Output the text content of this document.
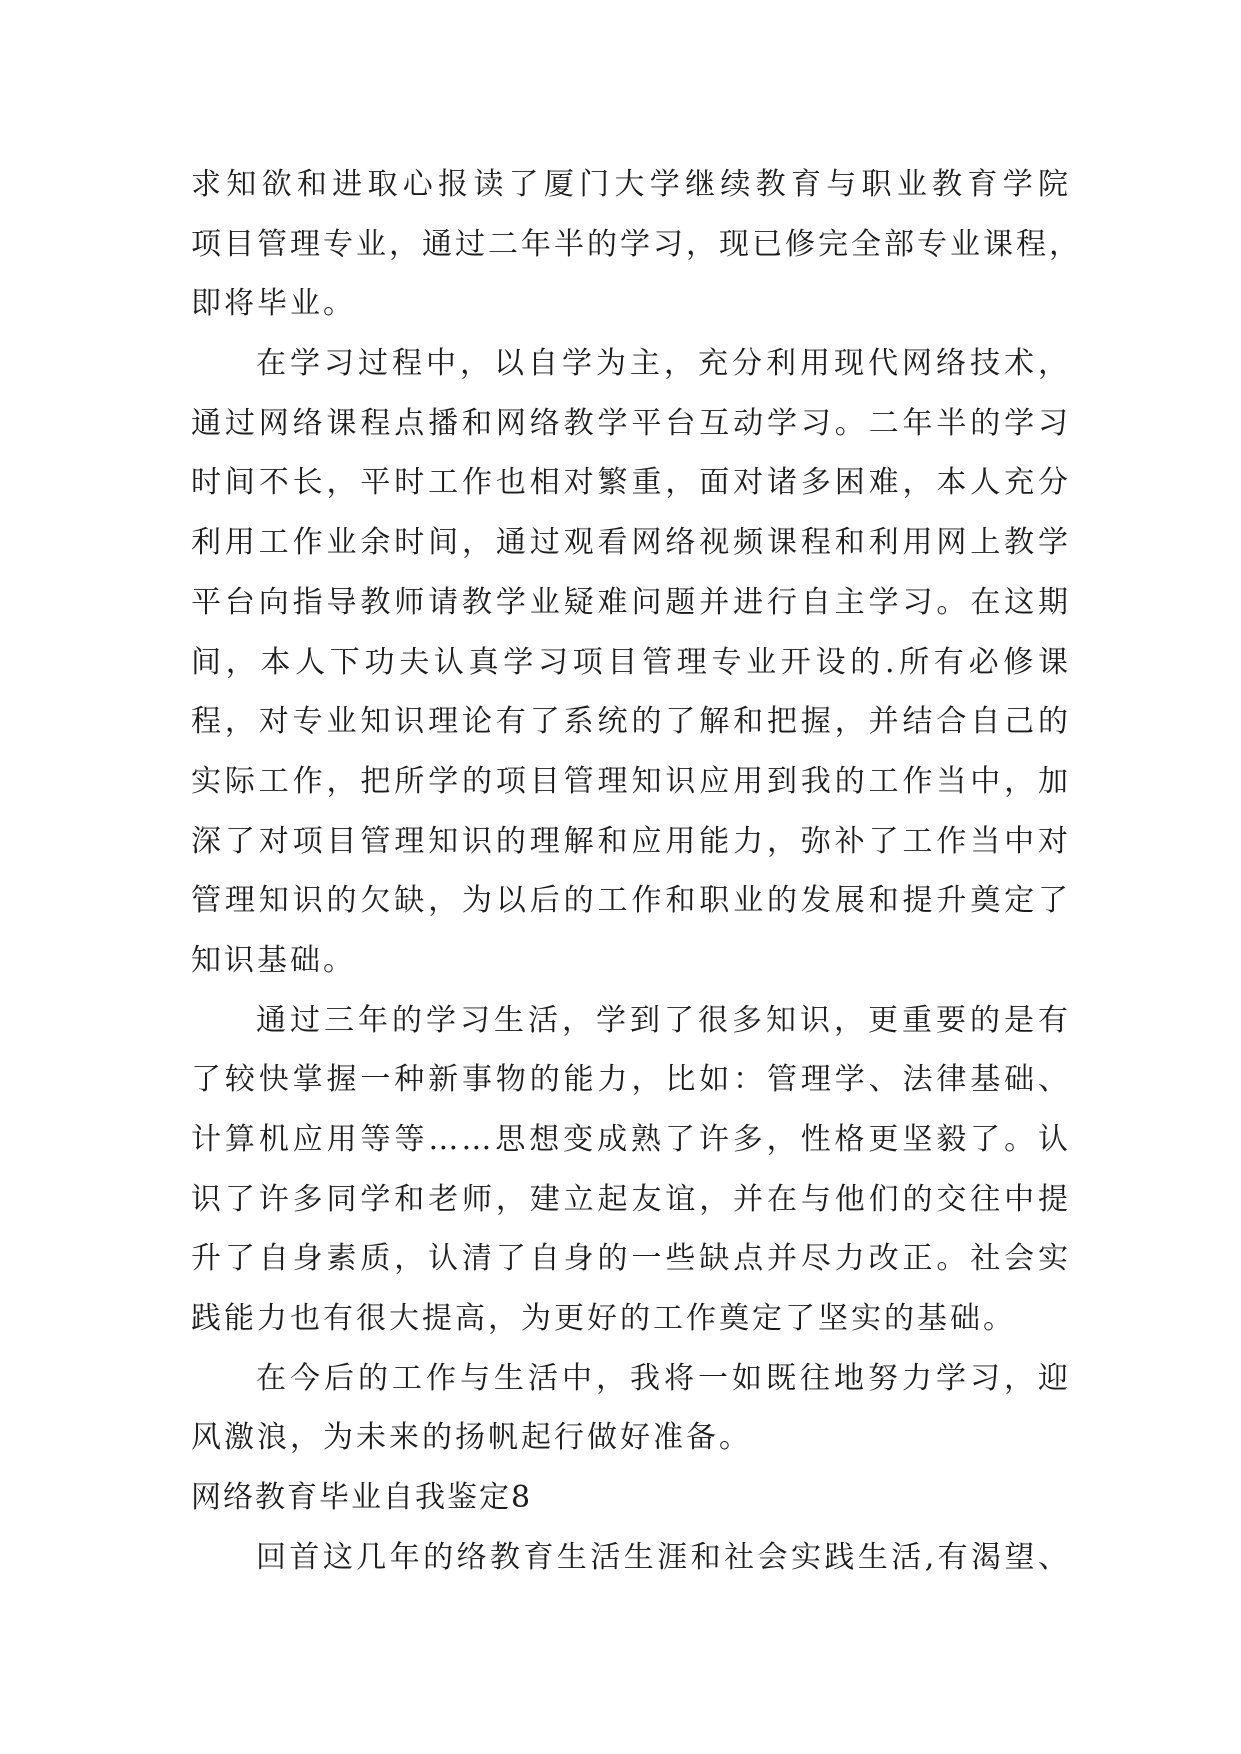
求知欲和进取心报读了厦门大学继续教育与职业教育学院
项目管理专业，通过二年半的学习，现已修完全部专业课程，
即将毕业。
在学习过程中，以自学为主，充分利用现代网络技术，
通过网络课程点播和网络教学平台互动学习。二年半的学习
时间不长，平时工作也相对繁重，面对诸多困难，本人充分
利用工作业余时间，通过观看网络视频课程和利用网上教学
平台向指导教师请教学业疑难问题并进行自主学习。在这期
间，本人下功夫认真学习项目管理专业开设的.所有必修课
程，对专业知识理论有了系统的了解和把握，并结合自己的
实际工作，把所学的项目管理知识应用到我的工作当中，加
深了对项目管理知识的理解和应用能力，弥补了工作当中对
管理知识的欠缺，为以后的工作和职业的发展和提升奠定了
知识基础。
通过三年的学习生活，学到了很多知识，更重要的是有
了较快掌握一种新事物的能力，比如：管理学、法律基础、
计算机应用等等……思想变成熟了许多，性格更坚毅了。认
识了许多同学和老师，建立起友谊，并在与他们的交往中提
升了自身素质，认清了自身的一些缺点并尽力改正。社会实
践能力也有很大提高，为更好的工作奠定了坚实的基础。
在今后的工作与生活中，我将一如既往地努力学习，迎
风激浪，为未来的扬帆起行做好准备。
网络教育毕业自我鉴定8
回首这几年的络教育生活生涯和社会实践生活,有渴望、
